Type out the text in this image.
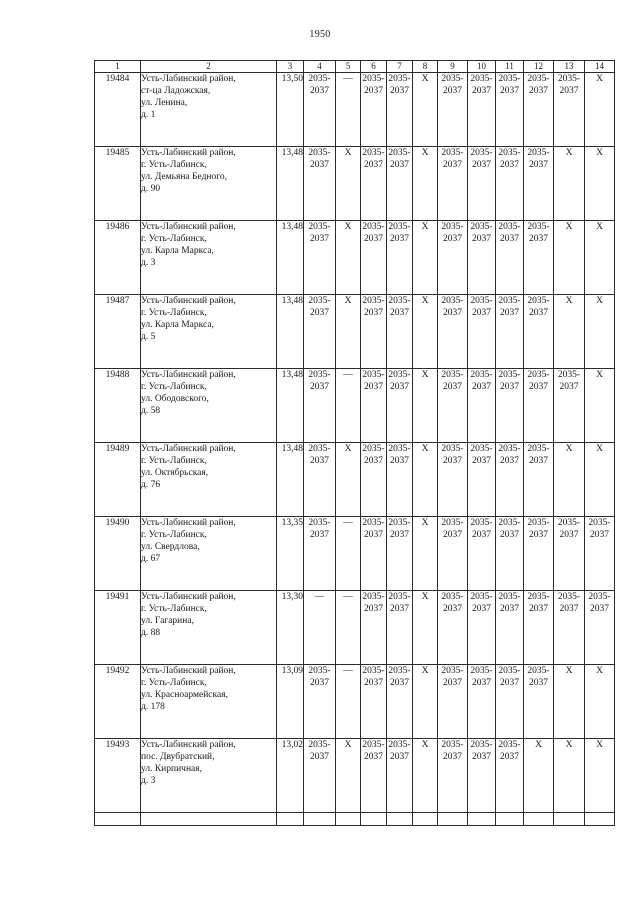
1950
1	2	3	4	5	6	7	8	9	10	11	12	13	14
19484	Усть-Лабинский район,
ст-ца Ладожская,
ул. Ленина,
д. 1	13,50	2035-
2037	—	2035-
2037	2035-
2037	Х	2035-
2037	2035-
2037	2035-
2037	2035-
2037	2035-
2037	Х

19485	Усть-Лабинский район,
г. Усть-Лабинск,
ул. Демьяна Бедного,
д. 90	13,48	2035-
2037	Х	2035-
2037	2035-
2037	Х	2035-
2037	2035-
2037	2035-
2037	2035-
2037	Х	Х

19486	Усть-Лабинский район,
г. Усть-Лабинск,
ул. Карла Маркса,
д. 3	13,48	2035-
2037	Х	2035-
2037	2035-
2037	Х	2035-
2037	2035-
2037	2035-
2037	2035-
2037	Х	Х

19487	Усть-Лабинский район,
г. Усть-Лабинск,
ул. Карла Маркса,
д. 5	13,48	2035-
2037	Х	2035-
2037	2035-
2037	Х	2035-
2037	2035-
2037	2035-
2037	2035-
2037	Х	Х

19488	Усть-Лабинский район,
г. Усть-Лабинск,
ул. Ободовского,
д. 58	13,48	2035-
2037	—	2035-
2037	2035-
2037	Х	2035-
2037	2035-
2037	2035-
2037	2035-
2037	2035-
2037	Х

19489	Усть-Лабинский район,
г. Усть-Лабинск,
ул. Октябрьская,
д. 76	13,48	2035-
2037	Х	2035-
2037	2035-
2037	Х	2035-
2037	2035-
2037	2035-
2037	2035-
2037	Х	Х

19490	Усть-Лабинский район,
г. Усть-Лабинск,
ул. Свердлова,
д. 67	13,35	2035-
2037	—	2035-
2037	2035-
2037	Х	2035-
2037	2035-
2037	2035-
2037	2035-
2037	2035-
2037	2035-
2037

19491	Усть-Лабинский район,
г. Усть-Лабинск,
ул. Гагарина,
д. 88	13,30	—	—	2035-
2037	2035-
2037	Х	2035-
2037	2035-
2037	2035-
2037	2035-
2037	2035-
2037	2035-
2037

19492	Усть-Лабинский район,
г. Усть-Лабинск,
ул. Красноармейская,
д. 178	13,09	2035-
2037	—	2035-
2037	2035-
2037	Х	2035-
2037	2035-
2037	2035-
2037	2035-
2037	Х	Х

19493	Усть-Лабинский район,
пос. Двубратский,
ул. Кирпичная,
д. 3	13,02	2035-
2037	Х	2035-
2037	2035-
2037	Х	2035-
2037	2035-
2037	2035-
2037	Х	Х	Х
